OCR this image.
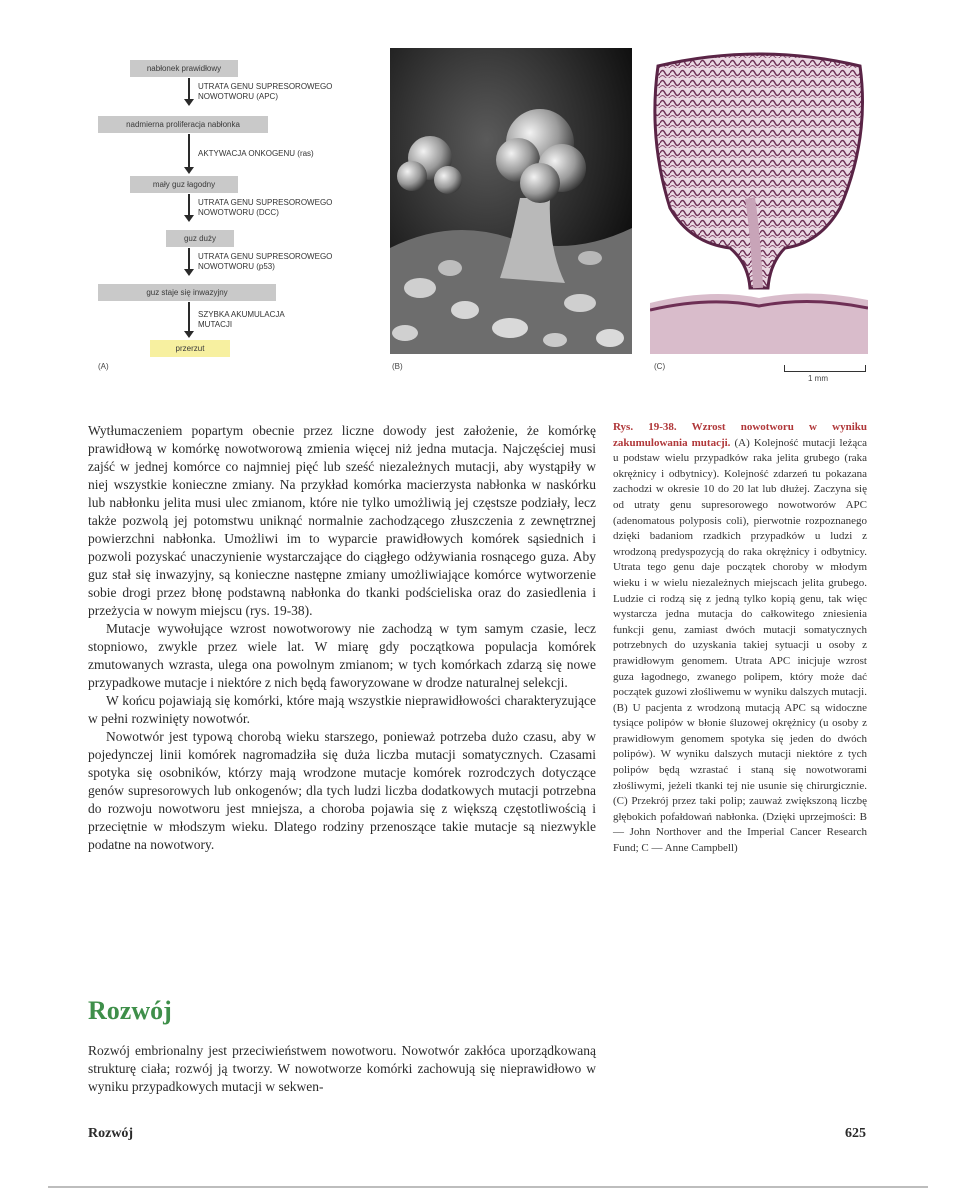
nabłonek prawidłowy
UTRATA GENU SUPRESOROWEGO
NOWOTWORU (APC)
nadmierna proliferacja nabłonka
AKTYWACJA ONKOGENU (ras)
mały guz łagodny
UTRATA GENU SUPRESOROWEGO
NOWOTWORU (DCC)
guz duży
UTRATA GENU SUPRESOROWEGO
NOWOTWORU (p53)
guz staje się inwazyjny
SZYBKA AKUMULACJA
MUTACJI
przerzut
(A)	(B)	(C)
1 mm

Wytłumaczeniem popartym obecnie przez liczne dowody jest założenie, że komórkę prawidłową w komórkę nowotworową zmienia więcej niż jedna mutacja. Najczęściej musi zajść w jednej komórce co najmniej pięć lub sześć niezależnych mutacji, aby wystąpiły w niej wszystkie konieczne zmiany. Na przykład komórka macierzysta nabłonka w naskórku lub nabłonku jelita musi ulec zmianom, które nie tylko umożliwią jej częstsze podziały, lecz także pozwolą jej potomstwu uniknąć normalnie zachodzącego złuszczenia z zewnętrznej powierzchni nabłonka. Umożliwi im to wyparcie prawidłowych komórek sąsiednich i pozwoli pozyskać unaczynienie wystarczające do ciągłego odżywiania rosnącego guza. Aby guz stał się inwazyjny, są konieczne następne zmiany umożliwiające komórce wytworzenie sobie drogi przez błonę podstawną nabłonka do tkanki podścieliska oraz do zasiedlenia i przeżycia w nowym miejscu (rys. 19-38).

Mutacje wywołujące wzrost nowotworowy nie zachodzą w tym samym czasie, lecz stopniowo, zwykle przez wiele lat. W miarę gdy początkowa populacja komórek zmutowanych wzrasta, ulega ona powolnym zmianom; w tych komórkach zdarzą się nowe przypadkowe mutacje i niektóre z nich będą faworyzowane w drodze naturalnej selekcji.

W końcu pojawiają się komórki, które mają wszystkie nieprawidłowości charakteryzujące w pełni rozwinięty nowotwór.

Nowotwór jest typową chorobą wieku starszego, ponieważ potrzeba dużo czasu, aby w pojedynczej linii komórek nagromadziła się duża liczba mutacji somatycznych. Czasami spotyka się osobników, którzy mają wrodzone mutacje komórek rozrodczych dotyczące genów supresorowych lub onkogenów; dla tych ludzi liczba dodatkowych mutacji potrzebna do rozwoju nowotworu jest mniejsza, a choroba pojawia się z większą częstotliwością i przeciętnie w młodszym wieku. Dlatego rodziny przenoszące takie mutacje są niezwykle podatne na nowotwory.

Rys. 19-38. Wzrost nowotworu w wyniku zakumulowania mutacji. (A) Kolejność mutacji leżąca u podstaw wielu przypadków raka jelita grubego (raka okrężnicy i odbytnicy). Kolejność zdarzeń tu pokazana zachodzi w okresie 10 do 20 lat lub dłużej. Zaczyna się od utraty genu supresorowego nowotworów APC (adenomatous polyposis coli), pierwotnie rozpoznanego dzięki badaniom rzadkich przypadków u ludzi z wrodzoną predyspozycją do raka okrężnicy i odbytnicy. Utrata tego genu daje początek choroby w młodym wieku i w wielu niezależnych miejscach jelita grubego. Ludzie ci rodzą się z jedną tylko kopią genu, tak więc wystarcza jedna mutacja do całkowitego zniesienia funkcji genu, zamiast dwóch mutacji somatycznych potrzebnych do uzyskania takiej sytuacji u osoby z prawidłowym genomem. Utrata APC inicjuje wzrost guza łagodnego, zwanego polipem, który może dać początek guzowi złośliwemu w wyniku dalszych mutacji. (B) U pacjenta z wrodzoną mutacją APC są widoczne tysiące polipów w błonie śluzowej okrężnicy (u osoby z prawidłowym genomem spotyka się jeden do dwóch polipów). W wyniku dalszych mutacji niektóre z tych polipów będą wzrastać i staną się nowotworami złośliwymi, jeżeli tkanki tej nie usunie się chirurgicznie. (C) Przekrój przez taki polip; zauważ zwiększoną liczbę głębokich pofałdowań nabłonka. (Dzięki uprzejmości: B — John Northover and the Imperial Cancer Research Fund; C — Anne Campbell)
Rozwój
Rozwój embrionalny jest przeciwieństwem nowotworu. Nowotwór zakłóca uporządkowaną strukturę ciała; rozwój ją tworzy. W nowotworze komórki zachowują się nieprawidłowo w wyniku przypadkowych mutacji w sekwen-
Rozwój	625
